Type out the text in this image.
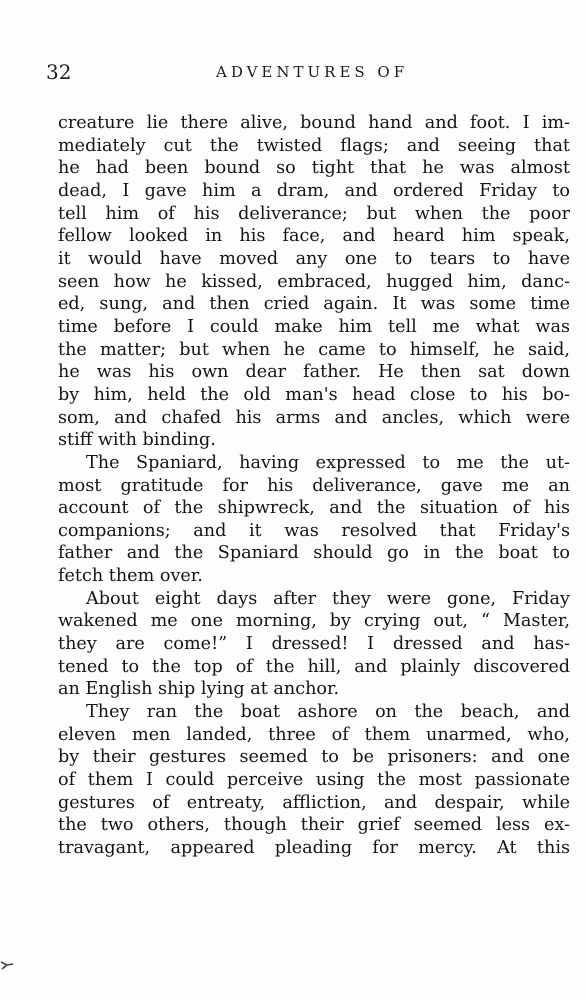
32	ADVENTURES OF

creature lie there alive, bound hand and foot. I im-
mediately cut the twisted flags; and seeing that
he had been bound so tight that he was almost
dead, I gave him a dram, and ordered Friday to
tell him of his deliverance; but when the poor
fellow looked in his face, and heard him speak,
it would have moved any one to tears to have
seen how he kissed, embraced, hugged him, danc-
ed, sung, and then cried again. It was some time
time before I could make him tell me what was
the matter; but when he came to himself, he said,
he was his own dear father. He then sat down
by him, held the old man's head close to his bo-
som, and chafed his arms and ancles, which were
stiff with binding.

The Spaniard, having expressed to me the ut-
most gratitude for his deliverance, gave me an
account of the shipwreck, and the situation of his
companions; and it was resolved that Friday's
father and the Spaniard should go in the boat to
fetch them over.

About eight days after they were gone, Friday
wakened me one morning, by crying out, “ Master,
they are come!” I dressed! I dressed and has-
tened to the top of the hill, and plainly discovered
an English ship lying at anchor.

They ran the boat ashore on the beach, and
eleven men landed, three of them unarmed, who,
by their gestures seemed to be prisoners: and one
of them I could perceive using the most passionate
gestures of entreaty, affliction, and despair, while
the two others, though their grief seemed less ex-
travagant, appeared pleading for mercy. At this
